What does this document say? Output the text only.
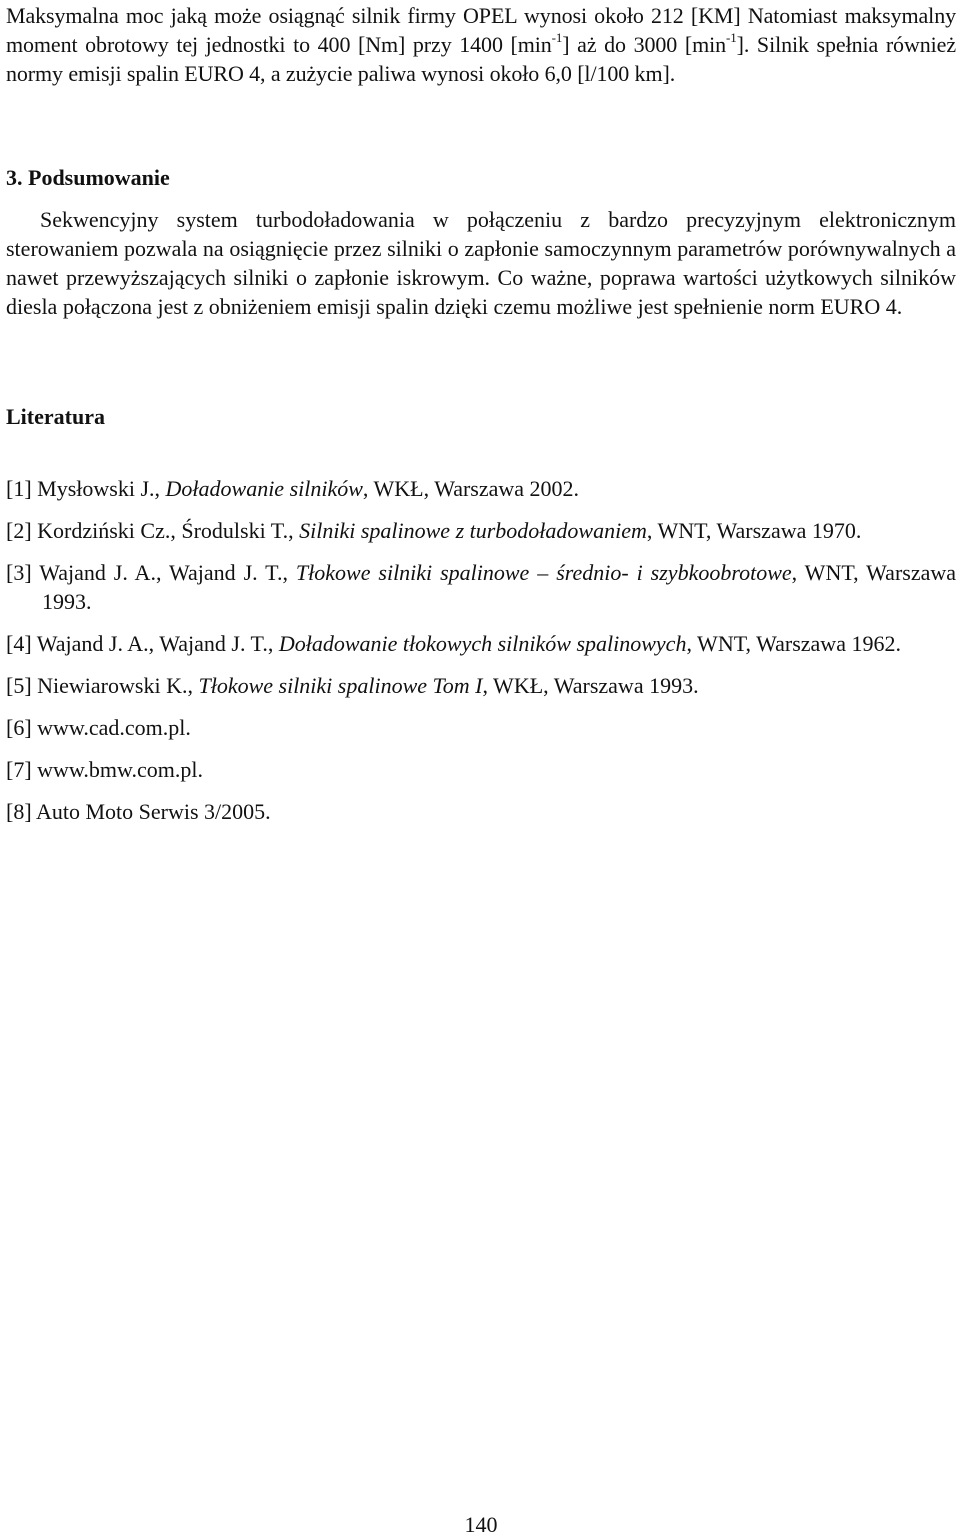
Maksymalna moc jaką może osiągnąć silnik firmy OPEL wynosi około 212 [KM] Natomiast maksymalny moment obrotowy tej jednostki to 400 [Nm] przy 1400 $[\min^{-1}]$ aż do 3000 $[\min^{-1}]$. Silnik spełnia również normy emisji spalin EURO 4, a zużycie paliwa wynosi około 6,0 [l/100 km].

3. Podsumowanie

Sekwencyjny system turbodoładowania w połączeniu z bardzo precyzyjnym elektronicznym sterowaniem pozwala na osiągnięcie przez silniki o zapłonie samoczynnym parametrów porównywalnych a nawet przewyższających silniki o zapłonie iskrowym. Co ważne, poprawa wartości użytkowych silników diesla połączona jest z obniżeniem emisji spalin dzięki czemu możliwe jest spełnienie norm EURO 4.

Literatura
[1] Mysłowski J., Doładowanie silników, WKŁ, Warszawa 2002.
[2] Kordziński Cz., Środulski T., Silniki spalinowe z turbodoładowaniem, WNT, Warszawa 1970.
[3] Wajand J. A., Wajand J. T., Tłokowe silniki spalinowe – średnio- i szybkoobrotowe, WNT, Warszawa 1993.
[4] Wajand J. A., Wajand J. T., Doładowanie tłokowych silników spalinowych, WNT, Warszawa 1962.
[5] Niewiarowski K., Tłokowe silniki spalinowe Tom I, WKŁ, Warszawa 1993.
[6] www.cad.com.pl.
[7] www.bmw.com.pl.
[8] Auto Moto Serwis 3/2005.
140
